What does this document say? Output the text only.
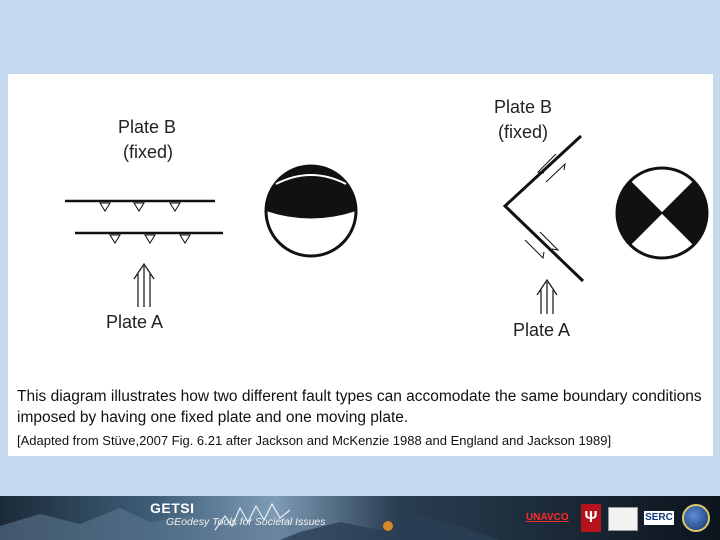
Plate B
(fixed)
Plate A
Plate B
(fixed)
Plate A
This diagram illustrates how two different fault types can accomodate the same boundary conditions imposed by having one fixed plate and one moving plate.
[Adapted from Stüve,2007 Fig. 6.21 after Jackson and McKenzie 1988 and England and Jackson 1989]
GETSI
GEodesy Tools for Societal Issues	UNAVCO Ψ	SERC
